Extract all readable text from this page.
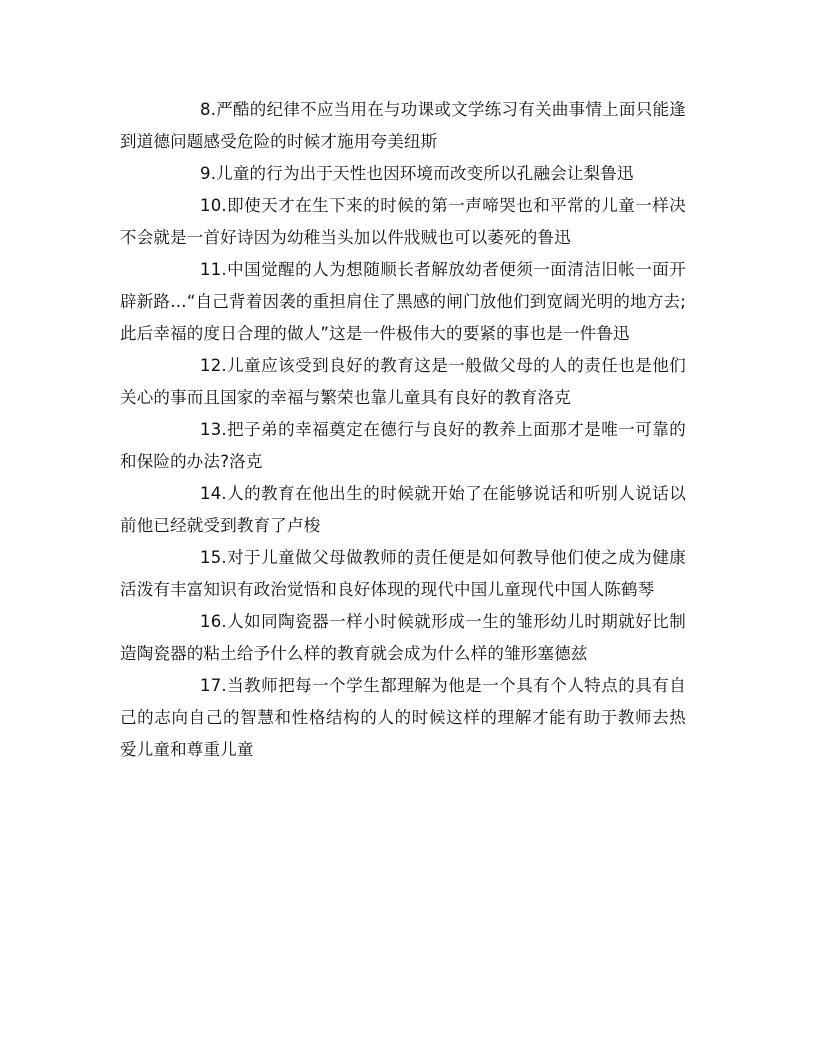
8.严酷的纪律不应当用在与功课或文学练习有关曲事情上面只能逢到道德问题感受危险的时候才施用夸美纽斯

9.儿童的行为出于天性也因环境而改变所以孔融会让梨鲁迅

10.即使天才在生下来的时候的第一声啼哭也和平常的儿童一样决不会就是一首好诗因为幼稚当头加以件戕贼也可以萎死的鲁迅

11.中国觉醒的人为想随顺长者解放幼者便须一面清洁旧帐一面开辟新路…“自己背着因袭的重担肩住了黑感的闸门放他们到宽阔光明的地方去;此后幸福的度日合理的做人”这是一件极伟大的要紧的事也是一件鲁迅

12.儿童应该受到良好的教育这是一般做父母的人的责任也是他们关心的事而且国家的幸福与繁荣也靠儿童具有良好的教育洛克

13.把子弟的幸福奠定在德行与良好的教养上面那才是唯一可靠的和保险的办法?洛克

14.人的教育在他出生的时候就开始了在能够说话和听别人说话以前他已经就受到教育了卢梭

15.对于儿童做父母做教师的责任便是如何教导他们使之成为健康活泼有丰富知识有政治觉悟和良好体现的现代中国儿童现代中国人陈鹤琴

16.人如同陶瓷器一样小时候就形成一生的雏形幼儿时期就好比制造陶瓷器的粘土给予什么样的教育就会成为什么样的雏形塞德兹

17.当教师把每一个学生都理解为他是一个具有个人特点的具有自己的志向自己的智慧和性格结构的人的时候这样的理解才能有助于教师去热爱儿童和尊重儿童
